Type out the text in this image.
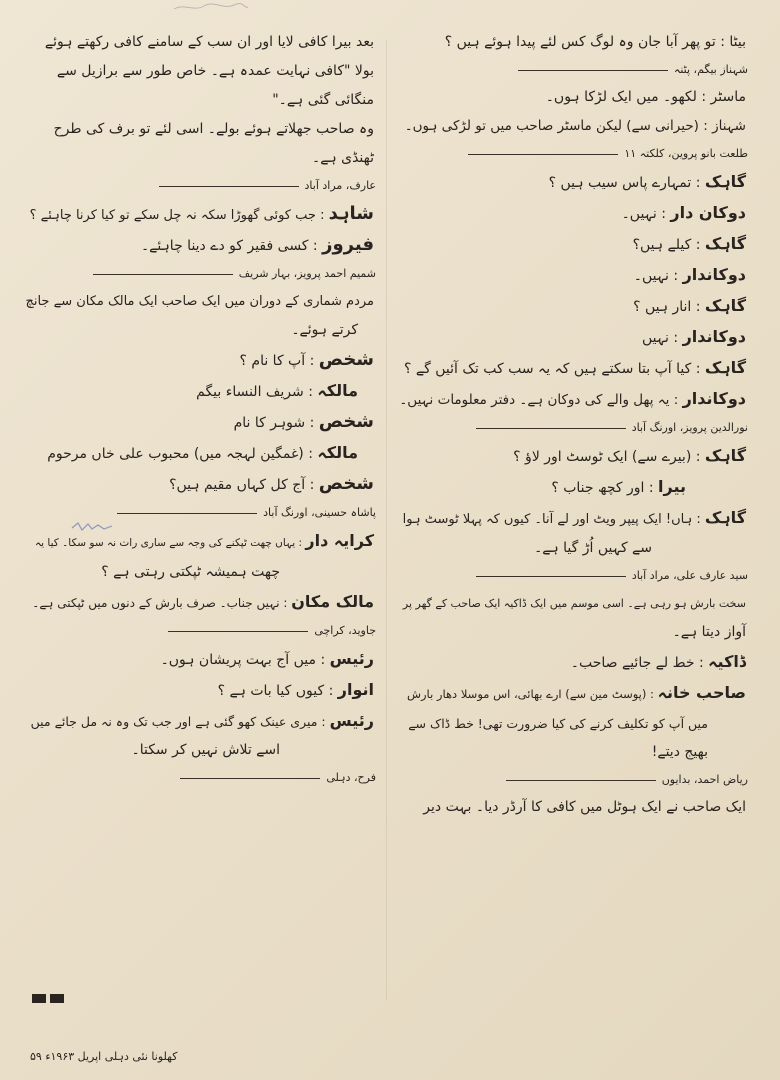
بیٹا : تو پھر آبا جان وہ لوگ کس لئے پیدا ہوئے ہیں ؟
شہناز بیگم، پٹنہ
ماسٹر : لکھو۔ میں ایک لڑکا ہوں۔
شہناز : (حیرانی سے) لیکن ماسٹر صاحب میں تو لڑکی ہوں۔
طلعت بانو پروین، کلکتہ ۱۱
گاہک : تمہارے پاس سیب ہیں ؟
دوکان دار : نہیں۔
گاہک : کیلے ہیں؟
دوکاندار : نہیں۔
گاہک : انار ہیں ؟
دوکاندار : نہیں
گاہک : کیا آپ بتا سکتے ہیں کہ یہ سب کب تک آئیں گے ؟
دوکاندار : یہ پھل والے کی دوکان ہے۔ دفتر معلومات نہیں۔
نورالدین پرویز، اورنگ آباد
گاہک : (بیرے سے) ایک ٹوسٹ اور لاؤ ؟
بیرا : اور کچھ جناب ؟
گاہک : ہاں! ایک پیپر ویٹ اور لے آنا۔ کیوں کہ پہلا ٹوسٹ ہوا
سے کہیں اُڑ گیا ہے۔
سید عارف علی، مراد آباد
سخت بارش ہو رہی ہے۔ اسی موسم میں ایک ڈاکیہ ایک صاحب کے گھر پر
آواز دیتا ہے۔
ڈاکیہ : خط لے جائیے صاحب۔
صاحب خانہ : (پوسٹ مین سے) ارے بھائی، اس موسلا دھار بارش
میں آپ کو تکلیف کرنے کی کیا ضرورت تھی! خط ڈاک سے
بھیج دیتے!
ریاض احمد، بدایوں
ایک صاحب نے ایک ہوٹل میں کافی کا آرڈر دیا۔ بہت دیر
بعد بیرا کافی لایا اور ان سب کے سامنے کافی رکھتے ہوئے
بولا "کافی نہایت عمدہ ہے۔ خاص طور سے برازیل سے
منگائی گئی ہے۔"
وہ صاحب جھلاتے ہوئے بولے۔ اسی لئے تو برف کی طرح
ٹھنڈی ہے۔
عارف، مراد آباد
شاہد : جب کوئی گھوڑا سکہ نہ چل سکے تو کیا کرنا چاہئے ؟
فیروز : کسی فقیر کو دے دینا چاہئے۔
شمیم احمد پرویز، بہار شریف
مردم شماری کے دوران میں ایک صاحب ایک مالک مکان سے جانچ
کرتے ہوئے۔
شخص : آپ کا نام ؟
مالکہ : شریف النساء بیگم
شخص : شوہر کا نام
مالکہ : (غمگین لہجہ میں) محبوب علی خاں مرحوم
شخص : آج کل کہاں مقیم ہیں؟
پاشاہ حسینی، اورنگ آباد
کرایہ دار : یہاں چھت ٹپکنے کی وجہ سے ساری رات نہ سو سکا۔ کیا یہ
چھت ہمیشہ ٹپکتی رہتی ہے ؟
مالک مکان : نہیں جناب۔ صرف بارش کے دنوں میں ٹپکتی ہے۔
جاوید، کراچی
رئیس : میں آج بہت پریشان ہوں۔
انوار : کیوں کیا بات ہے ؟
رئیس : میری عینک کھو گئی ہے اور جب تک وہ نہ مل جائے میں
اسے تلاش نہیں کر سکتا۔
فرح، دہلی
کھلونا نئی دہلی اپریل ۱۹۶۳ء ۵۹
